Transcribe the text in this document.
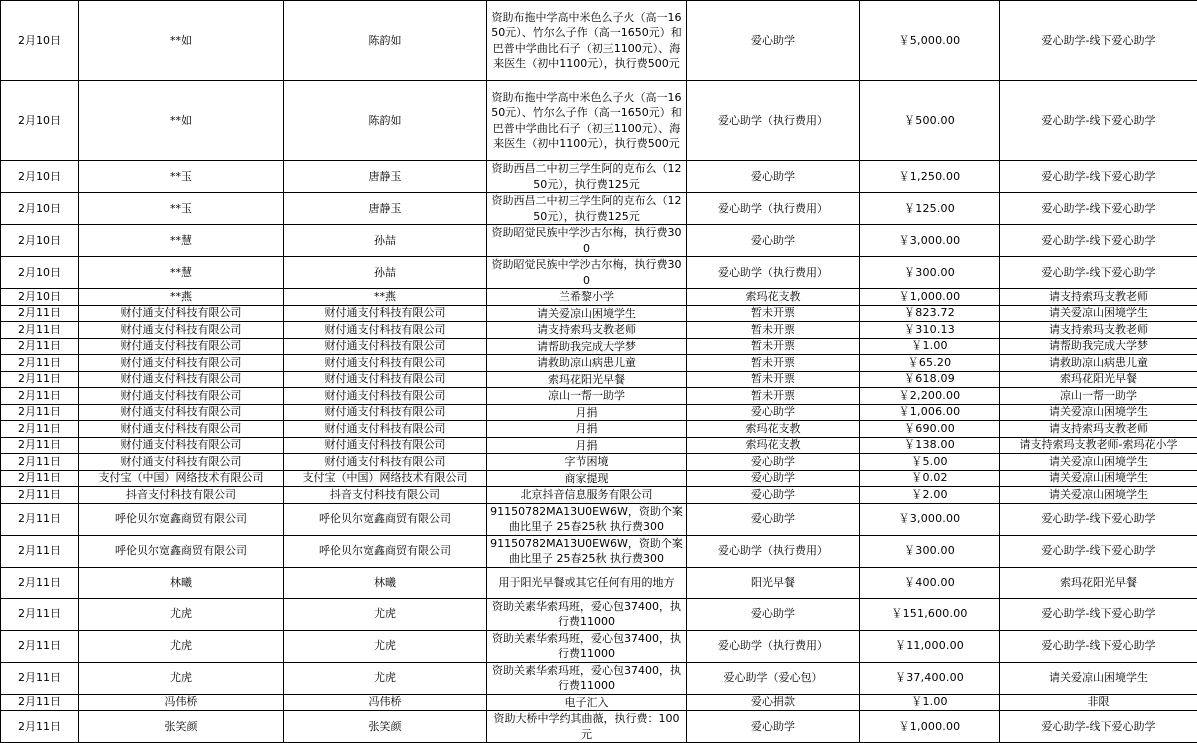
2月10日	**如	陈韵如	资助布拖中学高中米色么子火（高一1650元）、竹尔么子作（高一1650元）和巴普中学曲比石子（初三1100元）、海来医生（初中1100元），执行费500元	爱心助学	￥5,000.00	爱心助学-线下爱心助学
2月10日	**如	陈韵如	资助布拖中学高中米色么子火（高一1650元）、竹尔么子作（高一1650元）和巴普中学曲比石子（初三1100元）、海来医生（初中1100元），执行费500元	爱心助学（执行费用）	￥500.00	爱心助学-线下爱心助学
2月10日	**玉	唐静玉	资助西昌二中初三学生阿的克布么（1250元），执行费125元	爱心助学	￥1,250.00	爱心助学-线下爱心助学
2月10日	**玉	唐静玉	资助西昌二中初三学生阿的克布么（1250元），执行费125元	爱心助学（执行费用）	￥125.00	爱心助学-线下爱心助学
2月10日	**慧	孙喆	资助昭觉民族中学沙古尔梅，执行费300	爱心助学	￥3,000.00	爱心助学-线下爱心助学
2月10日	**慧	孙喆	资助昭觉民族中学沙古尔梅，执行费300	爱心助学（执行费用）	￥300.00	爱心助学-线下爱心助学
2月10日	**燕	**燕	兰希黎小学	索玛花支教	￥1,000.00	请支持索玛支教老师
2月11日	财付通支付科技有限公司	财付通支付科技有限公司	请关爱凉山困境学生	暂未开票	￥823.72	请关爱凉山困境学生
2月11日	财付通支付科技有限公司	财付通支付科技有限公司	请支持索玛支教老师	暂未开票	￥310.13	请支持索玛支教老师
2月11日	财付通支付科技有限公司	财付通支付科技有限公司	请帮助我完成大学梦	暂未开票	￥1.00	请帮助我完成大学梦
2月11日	财付通支付科技有限公司	财付通支付科技有限公司	请救助凉山病患儿童	暂未开票	￥65.20	请救助凉山病患儿童
2月11日	财付通支付科技有限公司	财付通支付科技有限公司	索玛花阳光早餐	暂未开票	￥618.09	索玛花阳光早餐
2月11日	财付通支付科技有限公司	财付通支付科技有限公司	凉山一帮一助学	暂未开票	￥2,200.00	凉山一帮一助学
2月11日	财付通支付科技有限公司	财付通支付科技有限公司	月捐	爱心助学	￥1,006.00	请关爱凉山困境学生
2月11日	财付通支付科技有限公司	财付通支付科技有限公司	月捐	索玛花支教	￥690.00	请支持索玛支教老师
2月11日	财付通支付科技有限公司	财付通支付科技有限公司	月捐	索玛花支教	￥138.00	请支持索玛支教老师-索玛花小学
2月11日	财付通支付科技有限公司	财付通支付科技有限公司	字节困境	爱心助学	￥5.00	请关爱凉山困境学生
2月11日	支付宝（中国）网络技术有限公司	支付宝（中国）网络技术有限公司	商家提现	爱心助学	￥0.02	请关爱凉山困境学生
2月11日	抖音支付科技有限公司	抖音支付科技有限公司	北京抖音信息服务有限公司	爱心助学	￥2.00	请关爱凉山困境学生
2月11日	呼伦贝尔宽鑫商贸有限公司	呼伦贝尔宽鑫商贸有限公司	91150782MA13U0EW6W，资助个案曲比里子 25春25秋 执行费300	爱心助学	￥3,000.00	爱心助学-线下爱心助学
2月11日	呼伦贝尔宽鑫商贸有限公司	呼伦贝尔宽鑫商贸有限公司	91150782MA13U0EW6W，资助个案曲比里子 25春25秋 执行费300	爱心助学（执行费用）	￥300.00	爱心助学-线下爱心助学
2月11日	林曦	林曦	用于阳光早餐或其它任何有用的地方	阳光早餐	￥400.00	索玛花阳光早餐
2月11日	尤虎	尤虎	资助关素华索玛班，爱心包37400，执行费11000	爱心助学	￥151,600.00	爱心助学-线下爱心助学
2月11日	尤虎	尤虎	资助关素华索玛班，爱心包37400，执行费11000	爱心助学（执行费用）	￥11,000.00	爱心助学-线下爱心助学
2月11日	尤虎	尤虎	资助关素华索玛班，爱心包37400，执行费11000	爱心助学（爱心包）	￥37,400.00	请关爱凉山困境学生
2月11日	冯伟桥	冯伟桥	电子汇入	爱心捐款	￥1.00	非限
2月11日	张笑颜	张笑颜	资助大桥中学约其曲薇，执行费：100元	爱心助学	￥1,000.00	爱心助学-线下爱心助学
